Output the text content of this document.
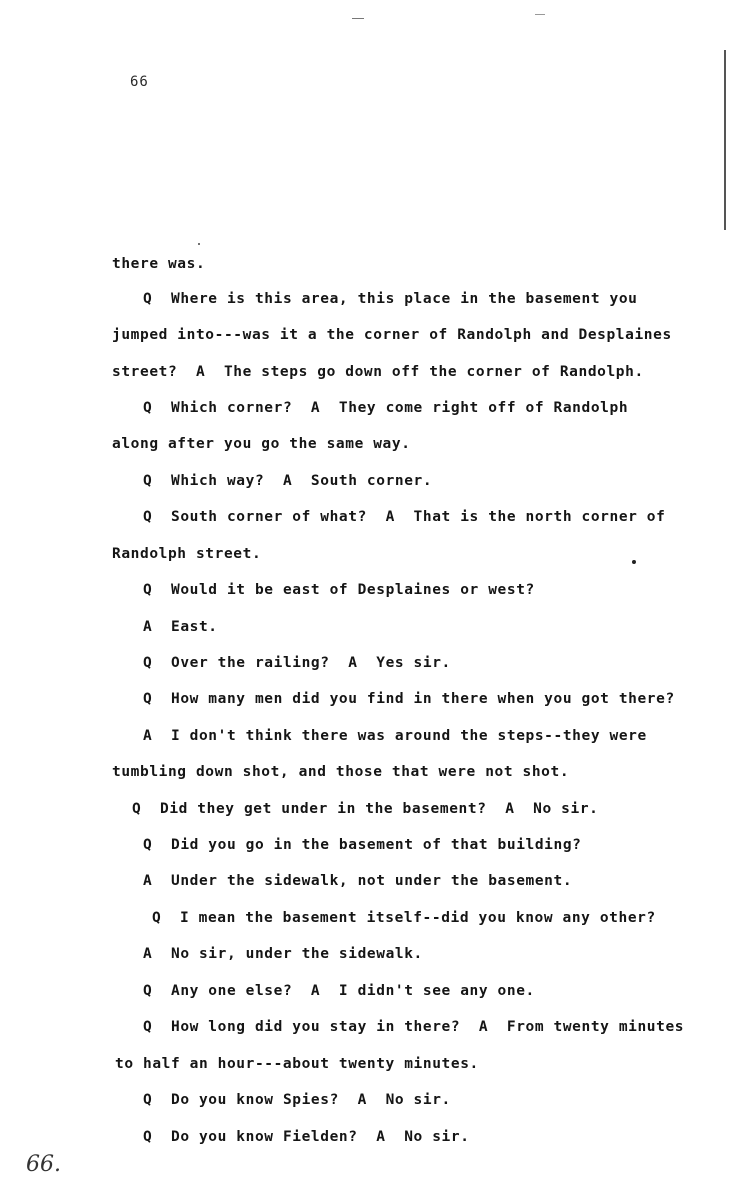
66
there was.
Q  Where is this area, this place in the basement you
jumped into---was it a the corner of Randolph and Desplaines
street?  A  The steps go down off the corner of Randolph.
Q  Which corner?  A  They come right off of Randolph
along after you go the same way.
Q  Which way?  A  South corner.
Q  South corner of what?  A  That is the north corner of
Randolph street.
Q  Would it be east of Desplaines or west?
A  East.
Q  Over the railing?  A  Yes sir.
Q  How many men did you find in there when you got there?
A  I don't think there was around the steps--they were
tumbling down shot, and those that were not shot.
Q  Did they get under in the basement?  A  No sir.
Q  Did you go in the basement of that building?
A  Under the sidewalk, not under the basement.
Q  I mean the basement itself--did you know any other?
A  No sir, under the sidewalk.
Q  Any one else?  A  I didn't see any one.
Q  How long did you stay in there?  A  From twenty minutes
to half an hour---about twenty minutes.
Q  Do you know Spies?  A  No sir.
Q  Do you know Fielden?  A  No sir.
66.
